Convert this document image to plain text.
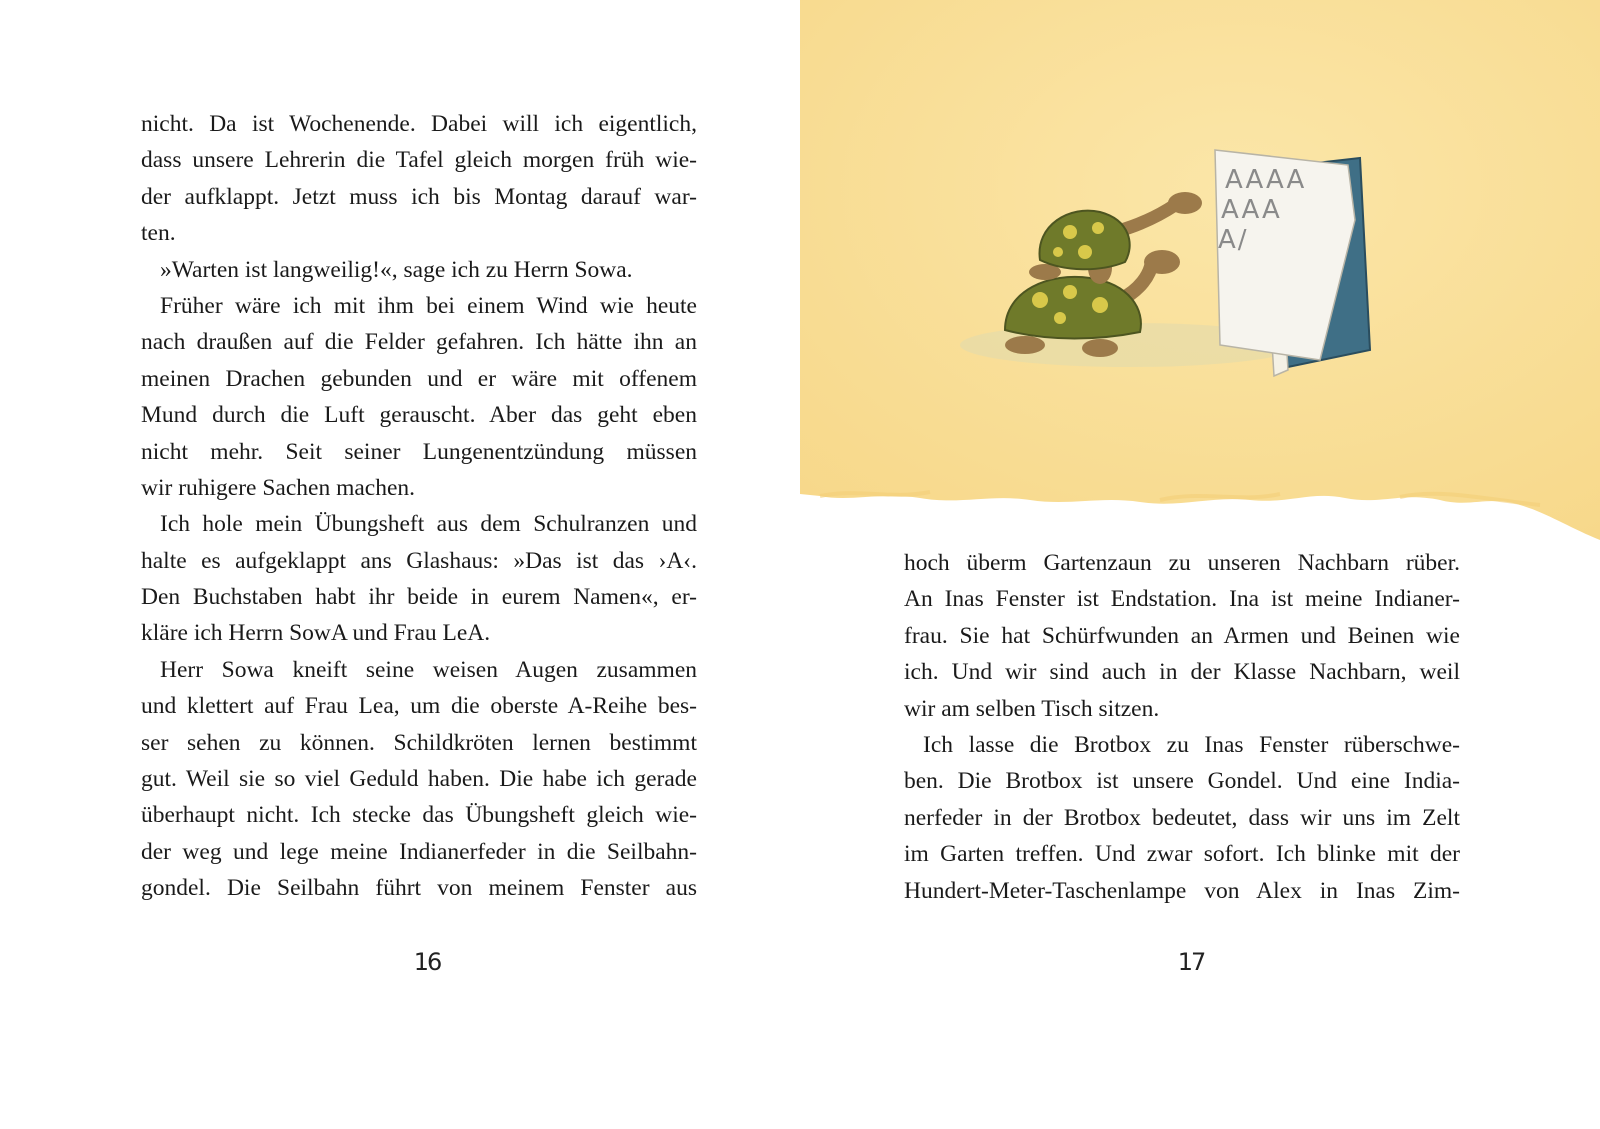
nicht. Da ist Wochenende. Dabei will ich eigentlich,
dass unsere Lehrerin die Tafel gleich morgen früh wie-
der aufklappt. Jetzt muss ich bis Montag darauf war-
ten.
»Warten ist langweilig!«, sage ich zu Herrn Sowa.
Früher wäre ich mit ihm bei einem Wind wie heute
nach draußen auf die Felder gefahren. Ich hätte ihn an
meinen Drachen gebunden und er wäre mit offenem
Mund durch die Luft gerauscht. Aber das geht eben
nicht mehr. Seit seiner Lungenentzündung müssen
wir ruhigere Sachen machen.
Ich hole mein Übungsheft aus dem Schulranzen und
halte es aufgeklappt ans Glashaus: »Das ist das ›A‹.
Den Buchstaben habt ihr beide in eurem Namen«, er-
kläre ich Herrn SowA und Frau LeA.
Herr Sowa kneift seine weisen Augen zusammen
und klettert auf Frau Lea, um die oberste A-Reihe bes-
ser sehen zu können. Schildkröten lernen bestimmt
gut. Weil sie so viel Geduld haben. Die habe ich gerade
überhaupt nicht. Ich stecke das Übungsheft gleich wie-
der weg und lege meine Indianerfeder in die Seilbahn-
gondel. Die Seilbahn führt von meinem Fenster aus
16
AAAA
AAA
A/
hoch überm Gartenzaun zu unseren Nachbarn rüber.
An Inas Fenster ist Endstation. Ina ist meine Indianer-
frau. Sie hat Schürfwunden an Armen und Beinen wie
ich. Und wir sind auch in der Klasse Nachbarn, weil
wir am selben Tisch sitzen.
Ich lasse die Brotbox zu Inas Fenster rüberschwe-
ben. Die Brotbox ist unsere Gondel. Und eine India-
nerfeder in der Brotbox bedeutet, dass wir uns im Zelt
im Garten treffen. Und zwar sofort. Ich blinke mit der
Hundert-Meter-Taschenlampe von Alex in Inas Zim-
17
